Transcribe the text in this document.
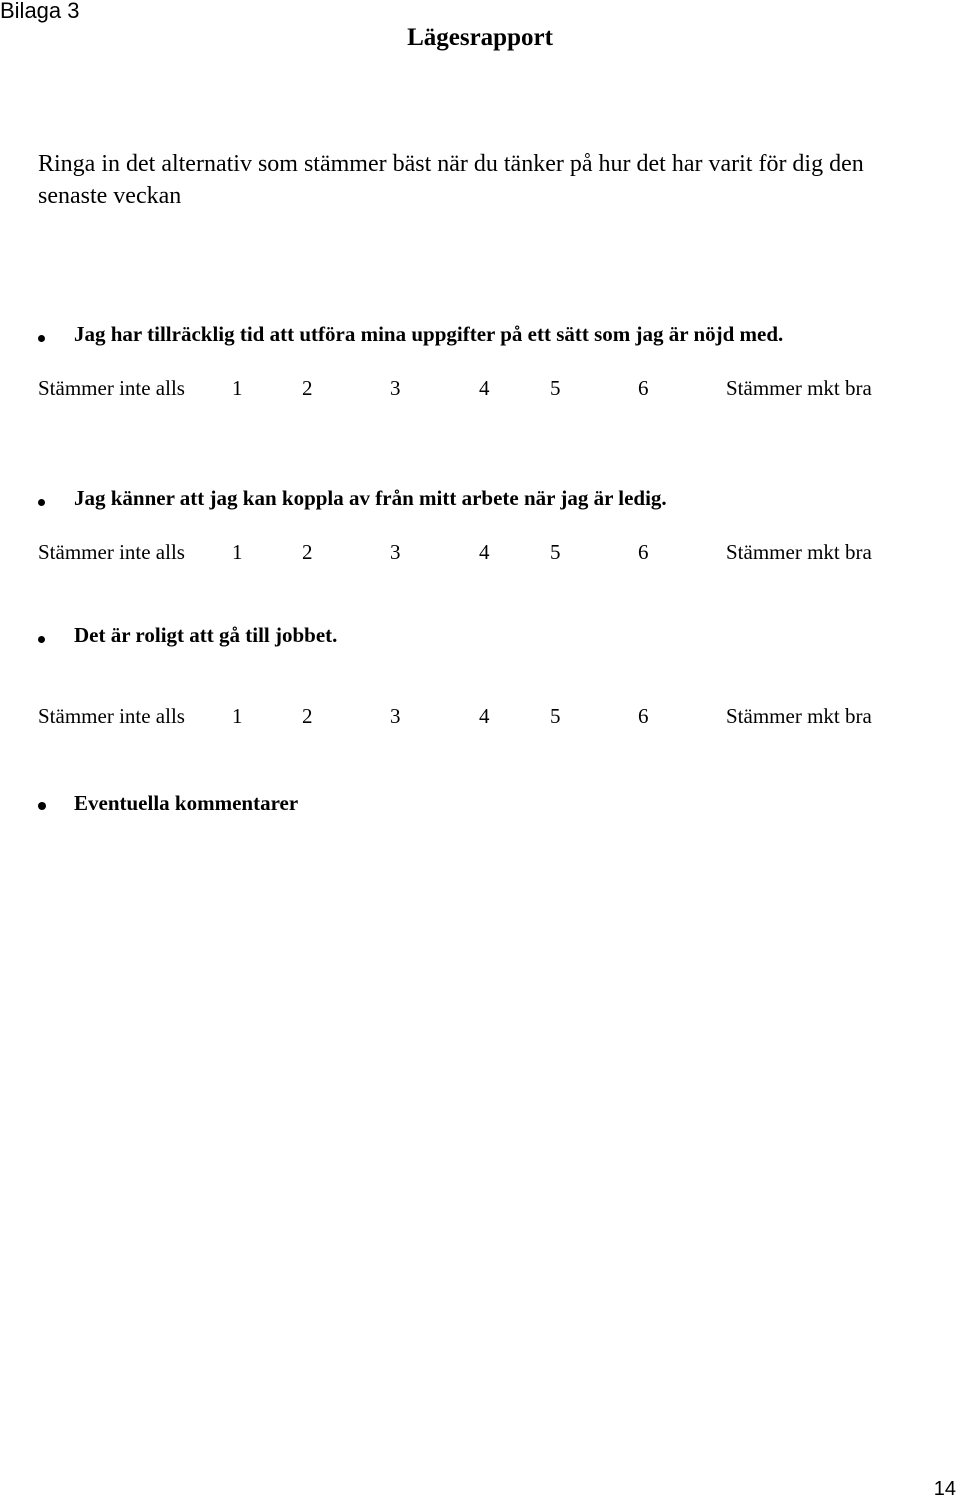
Bilaga 3
Lägesrapport
Ringa in det alternativ som stämmer bäst när du tänker på hur det har varit för dig den senaste veckan
Jag har tillräcklig tid att utföra mina uppgifter på ett sätt som jag är nöjd med.
Stämmer inte alls 1	2	3	4	5	6	Stämmer mkt bra
Jag känner att jag kan koppla av från mitt arbete när jag är ledig.
Stämmer inte alls 1	2	3	4	5	6	Stämmer mkt bra
Det är roligt att gå till jobbet.
Stämmer inte alls 1	2	3	4	5	6	Stämmer mkt bra
Eventuella kommentarer
14
